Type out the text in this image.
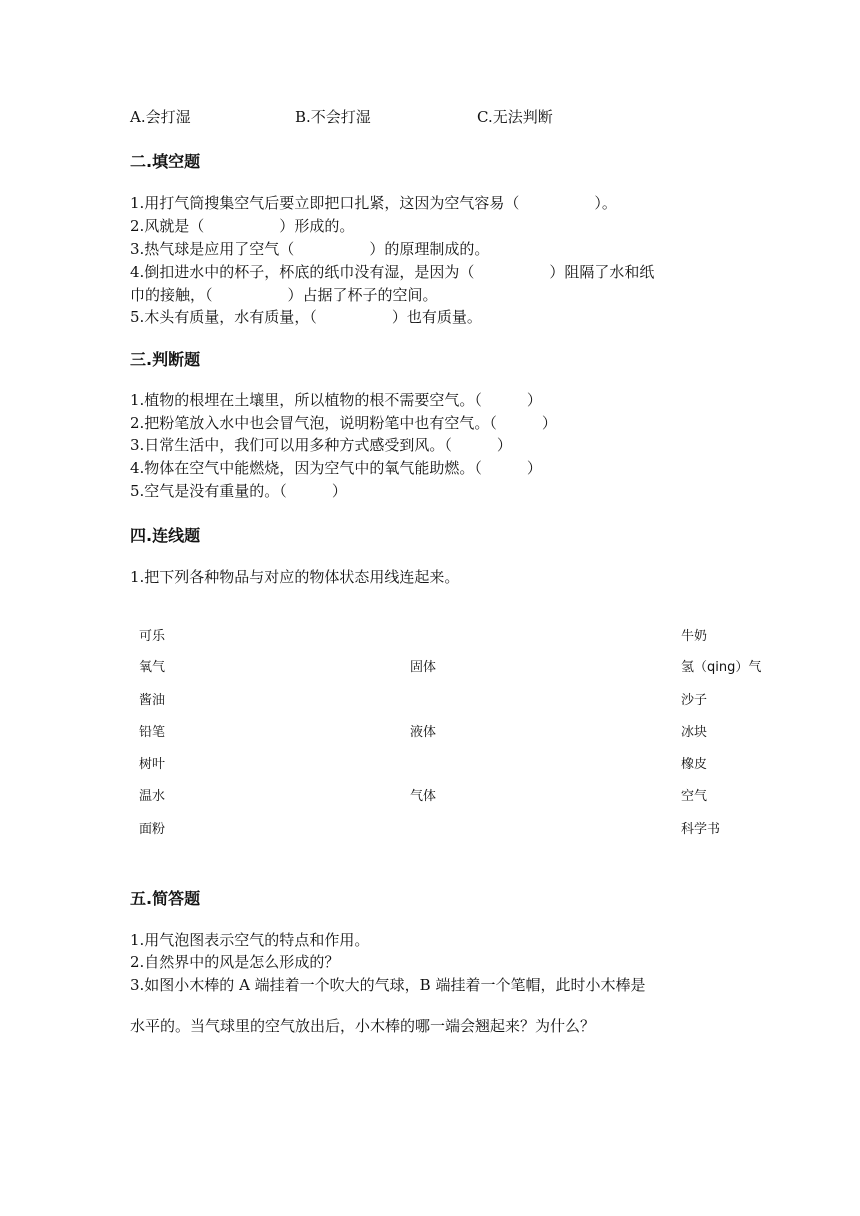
A.会打湿	B.不会打湿	C.无法判断
二.填空题
1.用打气筒搜集空气后要立即把口扎紧，这因为空气容易（　　　　　）。
2.风就是（　　　　　）形成的。
3.热气球是应用了空气（　　　　　）的原理制成的。
4.倒扣进水中的杯子，杯底的纸巾没有湿，是因为（　　　　　）阻隔了水和纸
巾的接触，（　　　　　）占据了杯子的空间。
5.木头有质量，水有质量，（　　　　　）也有质量。
三.判断题
1.植物的根埋在土壤里，所以植物的根不需要空气。（　　　）
2.把粉笔放入水中也会冒气泡，说明粉笔中也有空气。（　　　）
3.日常生活中，我们可以用多种方式感受到风。（　　　）
4.物体在空气中能燃烧，因为空气中的氧气能助燃。（　　　）
5.空气是没有重量的。（　　　）
四.连线题
1.把下列各种物品与对应的物体状态用线连起来。
可乐
氧气
酱油
铅笔
树叶
温水
面粉
固体
液体
气体
牛奶
氢（qing）气
沙子
冰块
橡皮
空气
科学书
五.简答题
1.用气泡图表示空气的特点和作用。
2.自然界中的风是怎么形成的？
3.如图小木棒的 A 端挂着一个吹大的气球，B 端挂着一个笔帽，此时小木棒是
水平的。当气球里的空气放出后，小木棒的哪一端会翘起来？为什么？
